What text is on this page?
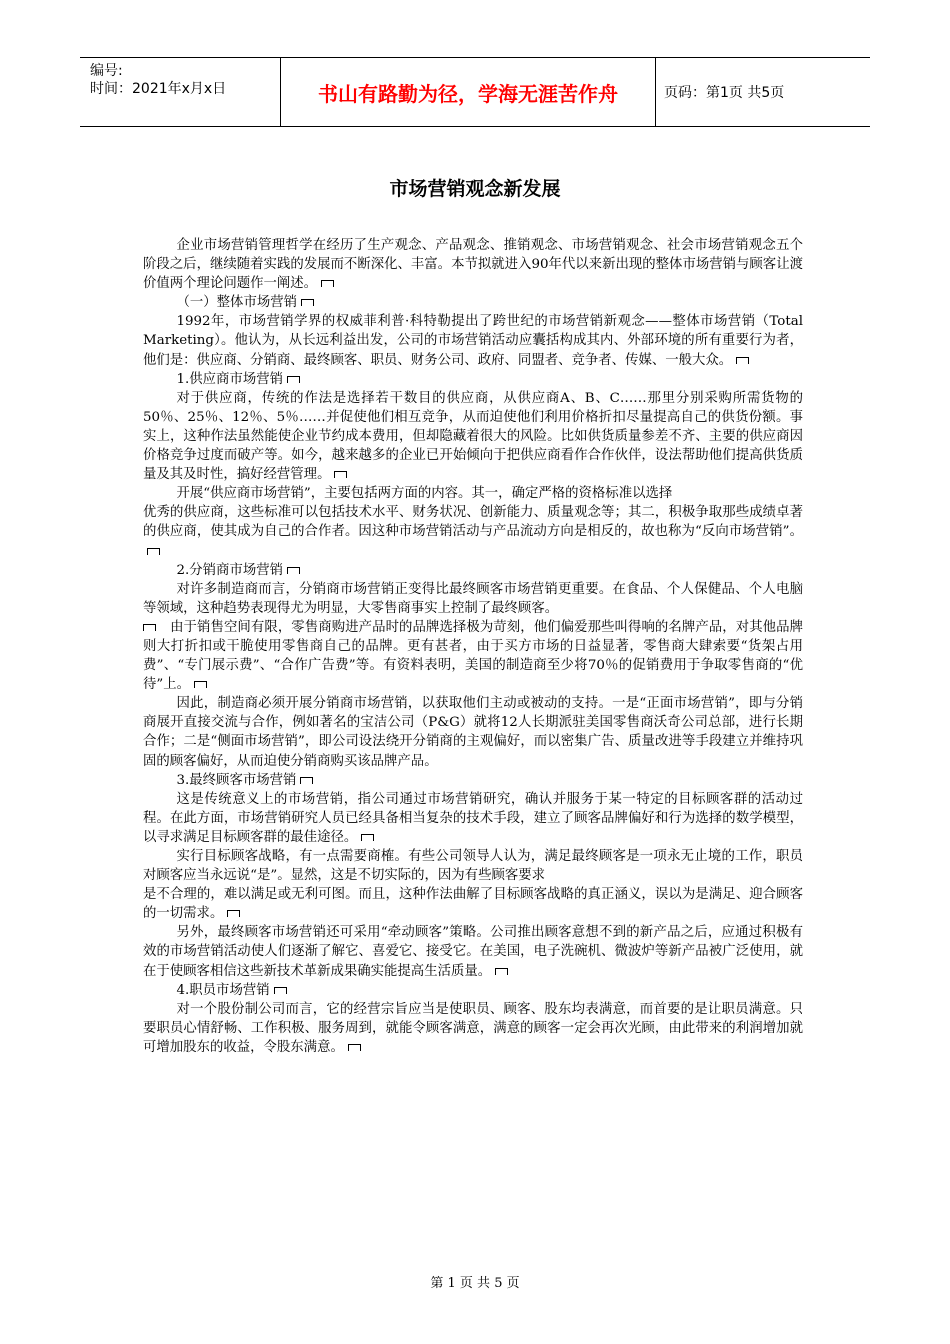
编号:
时间：2021年x月x日	书山有路勤为径，学海无涯苦作舟	页码：第1页 共5页
市场营销观念新发展

企业市场营销管理哲学在经历了生产观念、产品观念、推销观念、市场营销观念、社会市场营销观念五个阶段之后，继续随着实践的发展而不断深化、丰富。本节拟就进入90年代以来新出现的整体市场营销与顾客让渡价值两个理论问题作一阐述。

（一）整体市场营销

1992年，市场营销学界的权威菲利普·科特勒提出了跨世纪的市场营销新观念——整体市场营销（Total Marketing）。他认为，从长远利益出发，公司的市场营销活动应囊括构成其内、外部环境的所有重要行为者，他们是：供应商、分销商、最终顾客、职员、财务公司、政府、同盟者、竞争者、传媒、一般大众。

1.供应商市场营销

对于供应商，传统的作法是选择若干数目的供应商，从供应商A、B、C……那里分别采购所需货物的50％、25％、12％、5％……并促使他们相互竞争，从而迫使他们利用价格折扣尽量提高自己的供货份额。事实上，这种作法虽然能使企业节约成本费用，但却隐藏着很大的风险。比如供货质量参差不齐、主要的供应商因价格竞争过度而破产等。如今，越来越多的企业已开始倾向于把供应商看作合作伙伴，设法帮助他们提高供货质量及其及时性，搞好经营管理。

开展“供应商市场营销”，主要包括两方面的内容。其一，确定严格的资格标准以选择

优秀的供应商，这些标准可以包括技术水平、财务状况、创新能力、质量观念等；其二，积极争取那些成绩卓著的供应商，使其成为自己的合作者。因这种市场营销活动与产品流动方向是相反的，故也称为“反向市场营销”。

2.分销商市场营销

对许多制造商而言，分销商市场营销正变得比最终顾客市场营销更重要。在食品、个人保健品、个人电脑等领域，这种趋势表现得尤为明显，大零售商事实上控制了最终顾客。

由于销售空间有限，零售商购进产品时的品牌选择极为苛刻，他们偏爱那些叫得响的名牌产品，对其他品牌则大打折扣或干脆使用零售商自己的品牌。更有甚者，由于买方市场的日益显著，零售商大肆索要“货架占用费”、“专门展示费”、“合作广告费”等。有资料表明，美国的制造商至少将70％的促销费用于争取零售商的“优待”上。

因此，制造商必须开展分销商市场营销，以获取他们主动或被动的支持。一是“正面市场营销”，即与分销商展开直接交流与合作，例如著名的宝洁公司（P&G）就将12人长期派驻美国零售商沃奇公司总部，进行长期合作；二是“侧面市场营销”，即公司设法绕开分销商的主观偏好，而以密集广告、质量改进等手段建立并维持巩固的顾客偏好，从而迫使分销商购买该品牌产品。

3.最终顾客市场营销

这是传统意义上的市场营销，指公司通过市场营销研究，确认并服务于某一特定的目标顾客群的活动过程。在此方面，市场营销研究人员已经具备相当复杂的技术手段，建立了顾客品牌偏好和行为选择的数学模型，以寻求满足目标顾客群的最佳途径。

实行目标顾客战略，有一点需要商榷。有些公司领导人认为，满足最终顾客是一项永无止境的工作，职员对顾客应当永远说“是”。显然，这是不切实际的，因为有些顾客要求

是不合理的，难以满足或无利可图。而且，这种作法曲解了目标顾客战略的真正涵义，误以为是满足、迎合顾客的一切需求。

另外，最终顾客市场营销还可采用“牵动顾客”策略。公司推出顾客意想不到的新产品之后，应通过积极有效的市场营销活动使人们逐渐了解它、喜爱它、接受它。在美国，电子洗碗机、微波炉等新产品被广泛使用，就在于使顾客相信这些新技术革新成果确实能提高生活质量。

4.职员市场营销

对一个股份制公司而言，它的经营宗旨应当是使职员、顾客、股东均表满意，而首要的是让职员满意。只要职员心情舒畅、工作积极、服务周到，就能令顾客满意，满意的顾客一定会再次光顾，由此带来的利润增加就可增加股东的收益，令股东满意。

第 1 页 共 5 页
